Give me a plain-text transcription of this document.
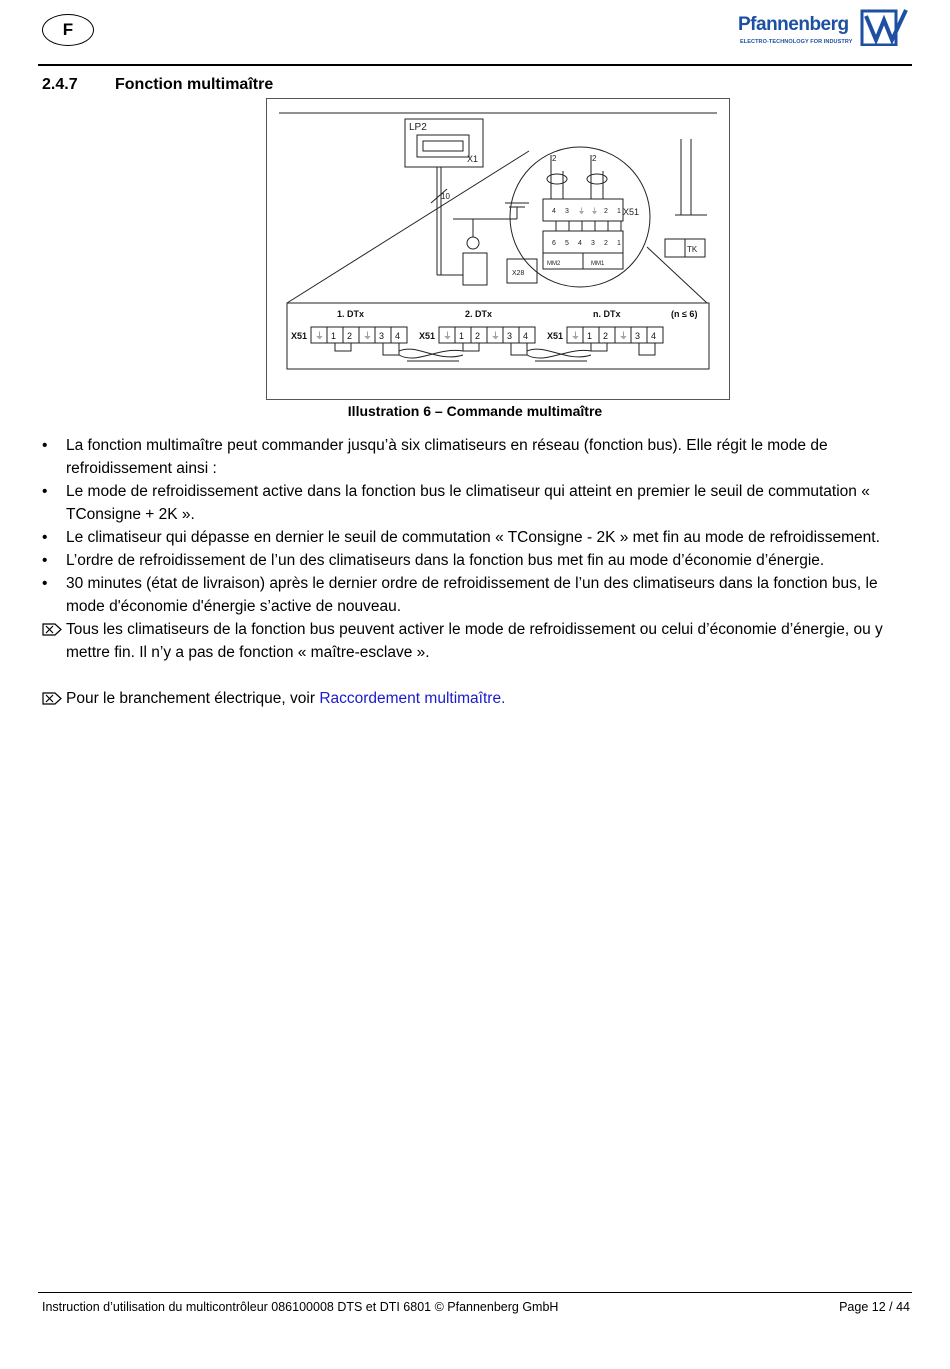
F	Pfannenberg
ELECTRO-TECHNOLOGY FOR INDUSTRY
2.4.7 Fonction multimaître
LP2
X1
10
X28
X51
MM2	MM1
TK
2	2
4 3 ⏚ ⏚ 2 1
6 5 4 3 2 1
1. DTx	2. DTx	n. DTx	(n ≤ 6)
X51	X51	X51
⏚ 1 2 ⏚ 3 4	⏚ 1 2 ⏚ 3 4	⏚ 1 2 ⏚ 3 4
Illustration 6 – Commande multimaître
•	La fonction multimaître peut commander jusqu’à six climatiseurs en réseau (fonction bus). Elle régit le mode de refroidissement ainsi :
•	Le mode de refroidissement active dans la fonction bus le climatiseur qui atteint en premier le seuil de commutation « TConsigne + 2K ».
•	Le climatiseur qui dépasse en dernier le seuil de commutation « TConsigne - 2K » met fin au mode de refroidissement.
•	L’ordre de refroidissement de l’un des climatiseurs dans la fonction bus met fin au mode d’économie d’énergie.
•	30 minutes (état de livraison) après le dernier ordre de refroidissement de l’un des climatiseurs dans la fonction bus, le mode d'économie d'énergie s’active de nouveau.
Tous les climatiseurs de la fonction bus peuvent activer le mode de refroidissement ou celui d’économie d’énergie, ou y mettre fin. Il n’y a pas de fonction « maître-esclave ».
Pour le branchement électrique, voir Raccordement multimaître.
Instruction d’utilisation du multicontrôleur 086100008 DTS et DTI 6801 © Pfannenberg GmbH	Page 12 / 44
